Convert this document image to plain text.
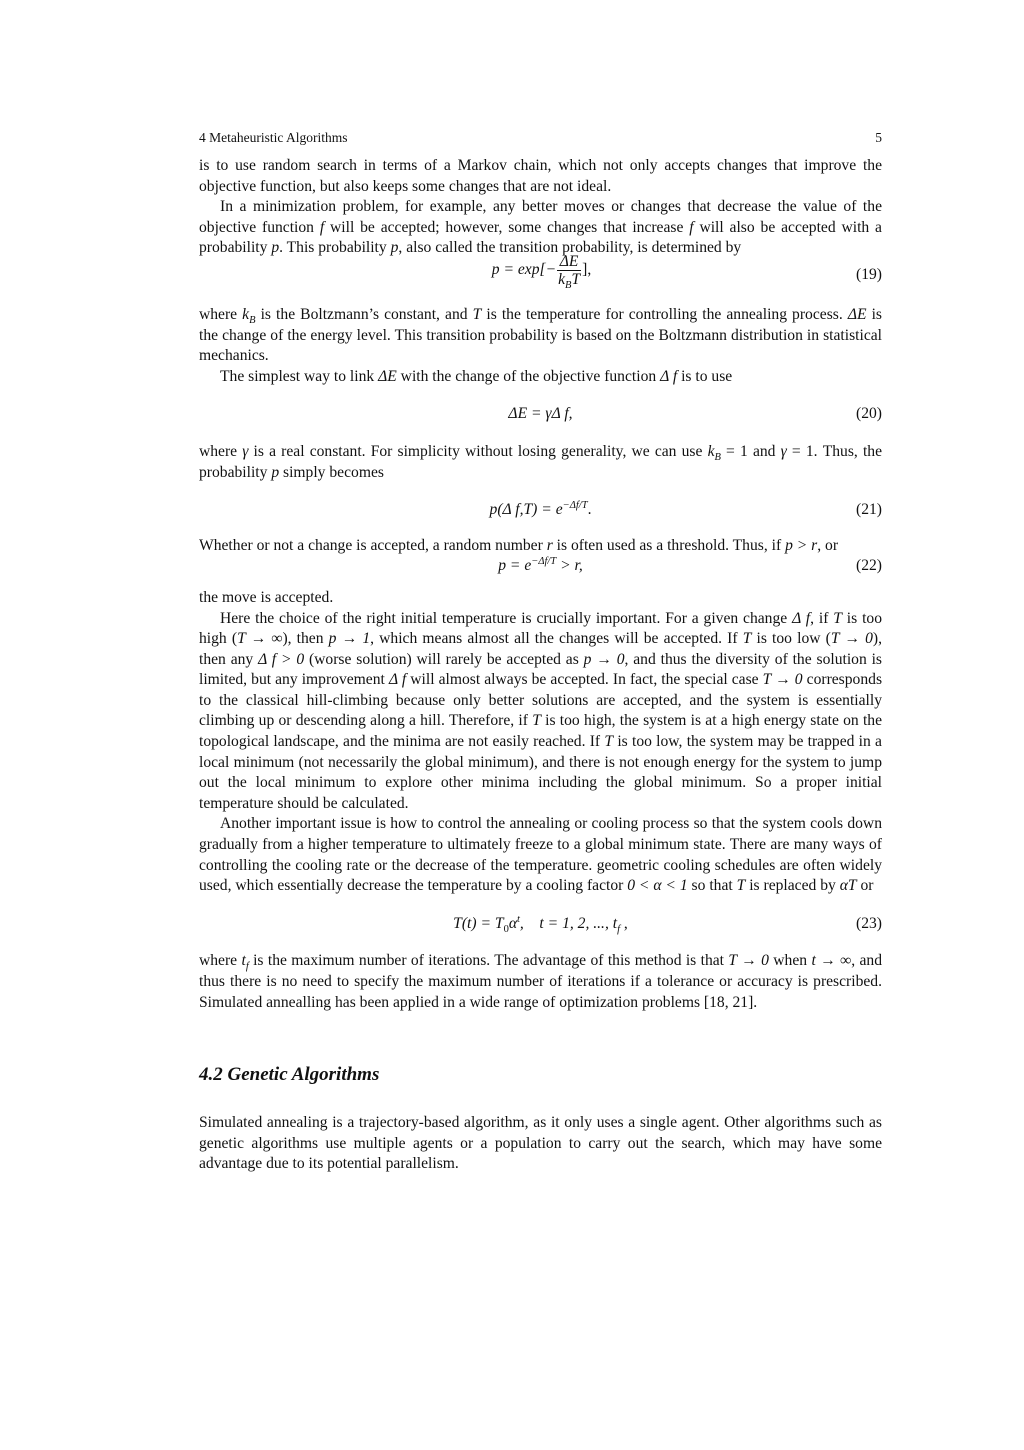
4 Metaheuristic Algorithms	5

is to use random search in terms of a Markov chain, which not only accepts changes that improve the objective function, but also keeps some changes that are not ideal.

In a minimization problem, for example, any better moves or changes that decrease the value of the objective function f will be accepted; however, some changes that increase f will also be accepted with a probability p. This probability p, also called the transition probability, is determined by

$p = \exp[- \frac{\Delta E}{k_BT}$ ],	(19)

where $k_B$ is the Boltzmann’s constant, and T is the temperature for controlling the annealing process. ΔE is the change of the energy level. This transition probability is based on the Boltzmann distribution in statistical mechanics.

The simplest way to link ΔE with the change of the objective function Δ f is to use

ΔE = γΔ f,	(20)

where γ is a real constant. For simplicity without losing generality, we can use $k_B = 1$ and γ = 1. Thus, the probability p simply becomes

p(Δ $f,T) = e^{-\Delta f/T}$.	(21)

Whether or not a change is accepted, a random number r is often used as a threshold. Thus, if p > r, or

$p = e^{-\Delta f/T} > r$,	(22)

the move is accepted.

Here the choice of the right initial temperature is crucially important. For a given change Δ f, if T is too high (T → ∞), then p → 1, which means almost all the changes will be accepted. If T is too low (T → 0), then any Δ f > 0 (worse solution) will rarely be accepted as p → 0, and thus the diversity of the solution is limited, but any improvement Δ f will almost always be accepted. In fact, the special case T → 0 corresponds to the classical hill-climbing because only better solutions are accepted, and the system is essentially climbing up or descending along a hill. Therefore, if T is too high, the system is at a high energy state on the topological landscape, and the minima are not easily reached. If T is too low, the system may be trapped in a local minimum (not necessarily the global minimum), and there is not enough energy for the system to jump out the local minimum to explore other minima including the global minimum. So a proper initial temperature should be calculated.

Another important issue is how to control the annealing or cooling process so that the system cools down gradually from a higher temperature to ultimately freeze to a global minimum state. There are many ways of controlling the cooling rate or the decrease of the temperature. geometric cooling schedules are often widely used, which essentially decrease the temperature by a cooling factor 0 < α < 1 so that T is replaced by αT or

$T(t) = T_0\alpha^t$,    t = 1, 2, ..., $t_f$ ,	(23)

where $t_f$ is the maximum number of iterations. The advantage of this method is that T → 0 when t → ∞, and thus there is no need to specify the maximum number of iterations if a tolerance or accuracy is prescribed. Simulated annealling has been applied in a wide range of optimization problems [18, 21].

4.2 Genetic Algorithms

Simulated annealing is a trajectory-based algorithm, as it only uses a single agent. Other algorithms such as genetic algorithms use multiple agents or a population to carry out the search, which may have some advantage due to its potential parallelism.
